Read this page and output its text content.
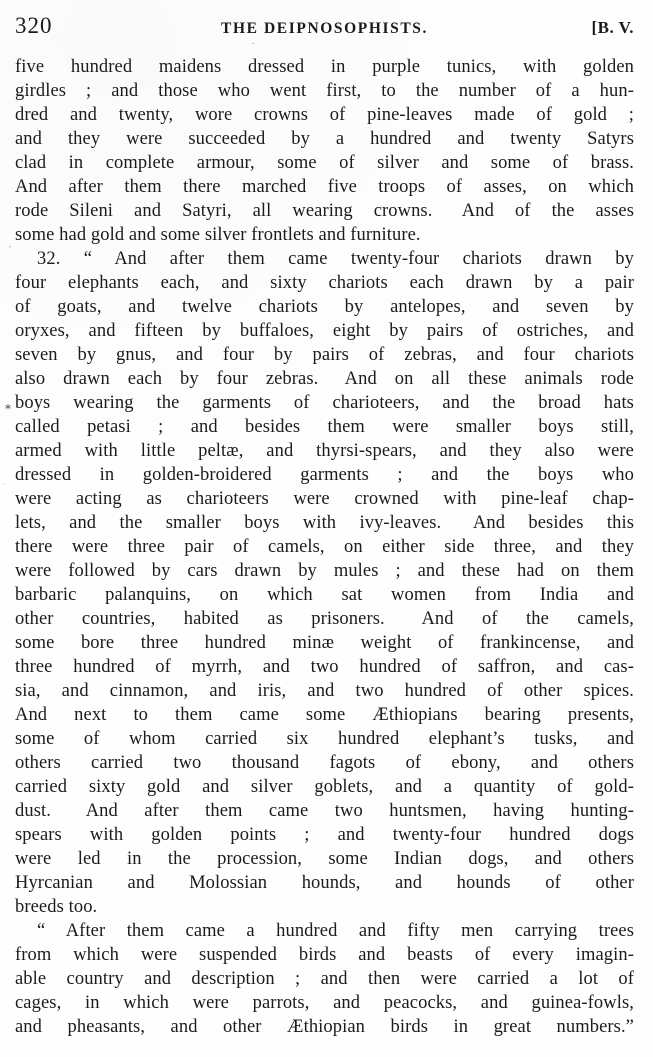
320	THE DEIPNOSOPHISTS.	[B. V.
five hundred maidens dressed in purple tunics, with golden
girdles ; and those who went first, to the number of a hun-
dred and twenty, wore crowns of pine-leaves made of gold ;
and they were succeeded by a hundred and twenty Satyrs
clad in complete armour, some of silver and some of brass.
And after them there marched five troops of asses, on which
rode Sileni and Satyri, all wearing crowns.  And of the asses
some had gold and some silver frontlets and furniture.
32. “ And after them came twenty-four chariots drawn by
four elephants each, and sixty chariots each drawn by a pair
of goats, and twelve chariots by antelopes, and seven by
oryxes, and fifteen by buffaloes, eight by pairs of ostriches, and
seven by gnus, and four by pairs of zebras, and four chariots
also drawn each by four zebras.  And on all these animals rode
boys wearing the garments of charioteers, and the broad hats
called petasi ; and besides them were smaller boys still,
armed with little peltæ, and thyrsi-spears, and they also were
dressed in golden-broidered garments ; and the boys who
were acting as charioteers were crowned with pine-leaf chap-
lets, and the smaller boys with ivy-leaves.  And besides this
there were three pair of camels, on either side three, and they
were followed by cars drawn by mules ; and these had on them
barbaric palanquins, on which sat women from India and
other countries, habited as prisoners.  And of the camels,
some bore three hundred minæ weight of frankincense, and
three hundred of myrrh, and two hundred of saffron, and cas-
sia, and cinnamon, and iris, and two hundred of other spices.
And next to them came some Æthiopians bearing presents,
some of whom carried six hundred elephant’s tusks, and
others carried two thousand fagots of ebony, and others
carried sixty gold and silver goblets, and a quantity of gold-
dust.  And after them came two huntsmen, having hunting-
spears with golden points ; and twenty-four hundred dogs
were led in the procession, some Indian dogs, and others
Hyrcanian and Molossian hounds, and hounds of other
breeds too.
“ After them came a hundred and fifty men carrying trees
from which were suspended birds and beasts of every imagin-
able country and description ; and then were carried a lot of
cages, in which were parrots, and peacocks, and guinea-fowls,
and pheasants, and other Æthiopian birds in great numbers.”
´
*
˙
.
